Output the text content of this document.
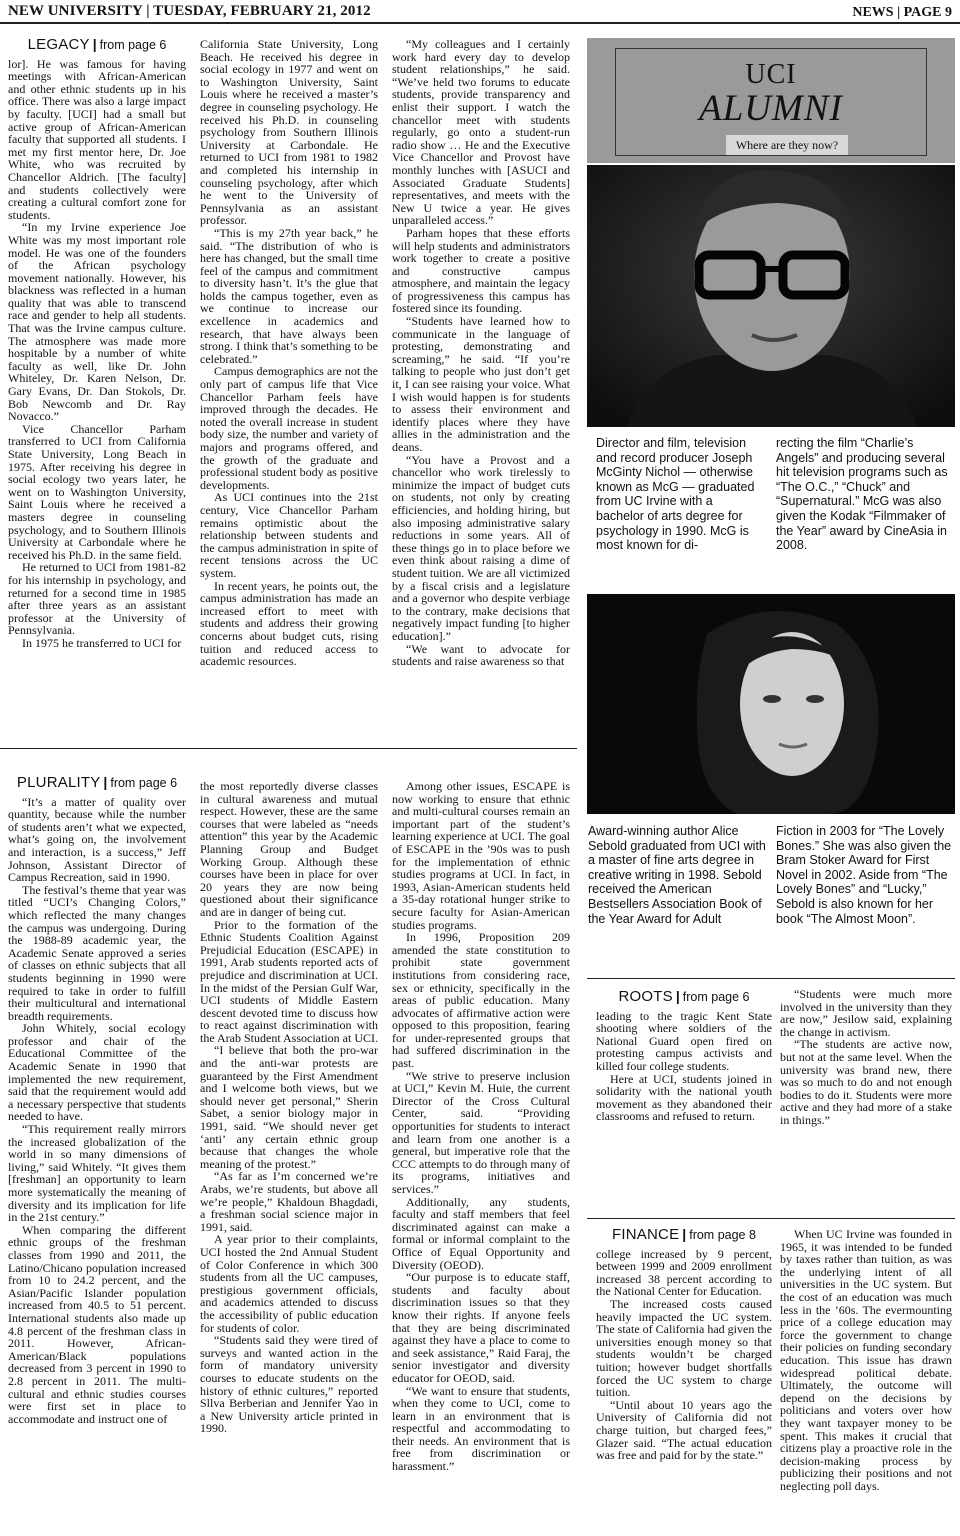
NEW UNIVERSITY | TUESDAY, FEBRUARY 21, 2012	NEWS | PAGE 9
LEGACY | from page 6

lor]. He was famous for having meetings with African-American and other ethnic students up in his office. There was also a large impact by faculty. [UCI] had a small but active group of African-American faculty that supported all students. I met my first mentor here, Dr. Joe White, who was recruited by Chancellor Aldrich. [The faculty] and students collectively were creating a cultural comfort zone for students.

“In my Irvine experience Joe White was my most important role model. He was one of the founders of the African psychology movement nationally. However, his blackness was reflected in a human quality that was able to transcend race and gender to help all students. That was the Irvine campus culture. The atmosphere was made more hospitable by a number of white faculty as well, like Dr. John Whiteley, Dr. Karen Nelson, Dr. Gary Evans, Dr. Dan Stokols, Dr. Bob Newcomb and Dr. Ray Novacco.”

Vice Chancellor Parham transferred to UCI from California State University, Long Beach in 1975. After receiving his degree in social ecology two years later, he went on to Washington University, Saint Louis where he received a masters degree in counseling psychology, and to Southern Illinois University at Carbondale where he received his Ph.D. in the same field.

He returned to UCI from 1981-82 for his internship in psychology, and returned for a second time in 1985 after three years as an assistant professor at the University of Pennsylvania.

In 1975 he transferred to UCI for

California State University, Long Beach. He received his degree in social ecology in 1977 and went on to Washington University, Saint Louis where he received a master’s degree in counseling psychology. He received his Ph.D. in counseling psychology from Southern Illinois University at Carbondale. He returned to UCI from 1981 to 1982 and completed his internship in counseling psychology, after which he went to the University of Pennsylvania as an assistant professor.

“This is my 27th year back,” he said. “The distribution of who is here has changed, but the small time feel of the campus and commitment to diversity hasn’t. It’s the glue that holds the campus together, even as we continue to increase our excellence in academics and research, that have always been strong. I think that’s something to be celebrated.”

Campus demographics are not the only part of campus life that Vice Chancellor Parham feels have improved through the decades. He noted the overall increase in student body size, the number and variety of majors and programs offered, and the growth of the graduate and professional student body as positive developments.

As UCI continues into the 21st century, Vice Chancellor Parham remains optimistic about the relationship between students and the campus administration in spite of recent tensions across the UC system.

In recent years, he points out, the campus administration has made an increased effort to meet with students and address their growing concerns about budget cuts, rising tuition and reduced access to academic resources.

“My colleagues and I certainly work hard every day to develop student relationships,” he said. “We’ve held two forums to educate students, provide transparency and enlist their support. I watch the chancellor meet with students regularly, go onto a student-run radio show … He and the Executive Vice Chancellor and Provost have monthly lunches with [ASUCI and Associated Graduate Students] representatives, and meets with the New U twice a year. He gives unparalleled access.”

Parham hopes that these efforts will help students and administrators work together to create a positive and constructive campus atmosphere, and maintain the legacy of progressiveness this campus has fostered since its founding.

“Students have learned how to communicate in the language of protesting, demonstrating and screaming,” he said. “If you’re talking to people who just don’t get it, I can see raising your voice. What I wish would happen is for students to assess their environment and identify places where they have allies in the administration and the deans.

“You have a Provost and a chancellor who work tirelessly to minimize the impact of budget cuts on students, not only by creating efficiencies, and holding hiring, but also imposing administrative salary reductions in some years. All of these things go in to place before we even think about raising a dime of student tuition. We are all victimized by a fiscal crisis and a legislature and a governor who despite verbiage to the contrary, make decisions that negatively impact funding [to higher education].”

“We want to advocate for students and raise awareness so that

UCI
ALUMNI
Where are they now?
Director and film, television and record producer Joseph McGinty Nichol — otherwise known as McG — graduated from UC Irvine with a bachelor of arts degree for psychology in 1990. McG is most known for di-
recting the film “Charlie’s Angels” and producing several hit television programs such as “The O.C.,” “Chuck” and “Supernatural.” McG was also given the Kodak “Filmmaker of the Year” award by CineAsia in 2008.
Award-winning author Alice Sebold graduated from UCI with a master of fine arts degree in creative writing in 1998. Sebold received the American Bestsellers Association Book of the Year Award for Adult
Fiction in 2003 for “The Lovely Bones.” She was also given the Bram Stoker Award for First Novel in 2002. Aside from “The Lovely Bones” and “Lucky,” Sebold is also known for her book “The Almost Moon”.
PLURALITY | from page 6

“It’s a matter of quality over quantity, because while the number of students aren’t what we expected, what’s going on, the involvement and interaction, is a success,” Jeff Johnson, Assistant Director of Campus Recreation, said in 1990.

The festival’s theme that year was titled “UCI’s Changing Colors,” which reflected the many changes the campus was undergoing. During the 1988-89 academic year, the Academic Senate approved a series of classes on ethnic subjects that all students beginning in 1990 were required to take in order to fulfill their multicultural and international breadth requirements.

John Whitely, social ecology professor and chair of the Educational Committee of the Academic Senate in 1990 that implemented the new requirement, said that the requirement would add a necessary perspective that students needed to have.

“This requirement really mirrors the increased globalization of the world in so many dimensions of living,” said Whitely. “It gives them [freshman] an opportunity to learn more systematically the meaning of diversity and its implication for life in the 21st century.”

When comparing the different ethnic groups of the freshman classes from 1990 and 2011, the Latino/Chicano population increased from 10 to 24.2 percent, and the Asian/Pacific Islander population increased from 40.5 to 51 percent. International students also made up 4.8 percent of the freshman class in 2011. However, African-American/Black populations decreased from 3 percent in 1990 to 2.8 percent in 2011. The multi-cultural and ethnic studies courses were first set in place to accommodate and instruct one of

the most reportedly diverse classes in cultural awareness and mutual respect. However, these are the same courses that were labeled as “needs attention” this year by the Academic Planning Group and Budget Working Group. Although these courses have been in place for over 20 years they are now being questioned about their significance and are in danger of being cut.

Prior to the formation of the Ethnic Students Coalition Against Prejudicial Education (ESCAPE) in 1991, Arab students reported acts of prejudice and discrimination at UCI. In the midst of the Persian Gulf War, UCI students of Middle Eastern descent devoted time to discuss how to react against discrimination with the Arab Student Association at UCI.

“I believe that both the pro-war and the anti-war protests are guaranteed by the First Amendment and I welcome both views, but we should never get personal,” Sherin Sabet, a senior biology major in 1991, said. “We should never get ‘anti’ any certain ethnic group because that changes the whole meaning of the protest.”

“As far as I’m concerned we’re Arabs, we’re students, but above all we’re people,” Khaldoun Bhagdadi, a freshman social science major in 1991, said.

A year prior to their complaints, UCI hosted the 2nd Annual Student of Color Conference in which 300 students from all the UC campuses, prestigious government officials, and academics attended to discuss the accessibility of public education for students of color.

“Students said they were tired of surveys and wanted action in the form of mandatory university courses to educate students on the history of ethnic cultures,” reported Sllva Berberian and Jennifer Yao in a New University article printed in 1990.

Among other issues, ESCAPE is now working to ensure that ethnic and multi-cultural courses remain an important part of the student’s learning experience at UCI. The goal of ESCAPE in the ’90s was to push for the implementation of ethnic studies programs at UCI. In fact, in 1993, Asian-American students held a 35-day rotational hunger strike to secure faculty for Asian-American studies programs.

In 1996, Proposition 209 amended the state constitution to prohibit state government institutions from considering race, sex or ethnicity, specifically in the areas of public education. Many advocates of affirmative action were opposed to this proposition, fearing for under-represented groups that had suffered discrimination in the past.

“We strive to preserve inclusion at UCI,” Kevin M. Huie, the current Director of the Cross Cultural Center, said. “Providing opportunities for students to interact and learn from one another is a general, but imperative role that the CCC attempts to do through many of its programs, initiatives and services.”

Additionally, any students, faculty and staff members that feel discriminated against can make a formal or informal complaint to the Office of Equal Opportunity and Diversity (OEOD).

“Our purpose is to educate staff, students and faculty about discrimination issues so that they know their rights. If anyone feels that they are being discriminated against they have a place to come to and seek assistance,” Raid Faraj, the senior investigator and diversity educator for OEOD, said.

“We want to ensure that students, when they come to UCI, come to learn in an environment that is respectful and accommodating to their needs. An environment that is free from discrimination or harassment.”

ROOTS | from page 6

leading to the tragic Kent State shooting where soldiers of the National Guard open fired on protesting campus activists and killed four college students.

Here at UCI, students joined in solidarity with the national youth movement as they abandoned their classrooms and refused to return.

“Students were much more involved in the university than they are now,” Jesilow said, explaining the change in activism.

“The students are active now, but not at the same level. When the university was brand new, there was so much to do and not enough bodies to do it. Students were more active and they had more of a stake in things.”

FINANCE | from page 8

college increased by 9 percent, between 1999 and 2009 enrollment increased 38 percent according to the National Center for Education.

The increased costs caused heavily impacted the UC system. The state of California had given the universities enough money so that students wouldn’t be charged tuition; however budget shortfalls forced the UC system to charge tuition.

“Until about 10 years ago the University of California did not charge tuition, but charged fees,” Glazer said. “The actual education was free and paid for by the state.”

When UC Irvine was founded in 1965, it was intended to be funded by taxes rather than tuition, as was the underlying intent of all universities in the UC system. But the cost of an education was much less in the ’60s. The evermounting price of a college education may force the government to change their policies on funding secondary education. This issue has drawn widespread political debate. Ultimately, the outcome will depend on the decisions by politicians and voters over how they want taxpayer money to be spent. This makes it crucial that citizens play a proactive role in the decision-making process by publicizing their positions and not neglecting poll days.
